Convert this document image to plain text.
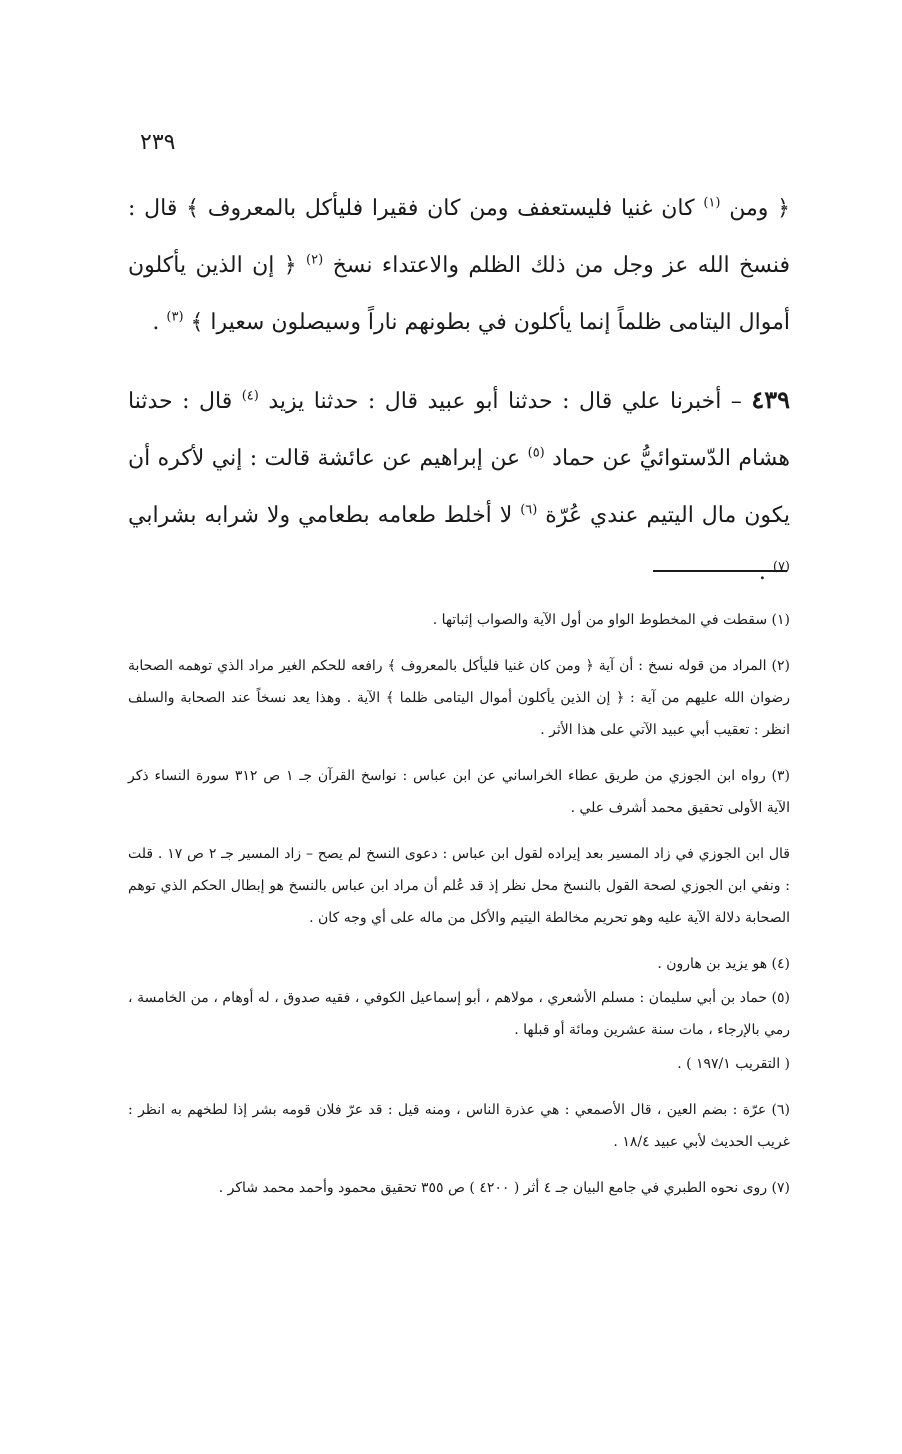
٢٣٩

﴿ ومن $^{(١)}$ كان غنيا فليستعفف ومن كان فقيرا فليأكل بالمعروف ﴾ قال : فنسخ الله عز وجل من ذلك الظلم والاعتداء نسخ $^{(٢)}$ ﴿ إن الذين يأكلون أموال اليتامى ظلماً إنما يأكلون في بطونهم ناراً وسيصلون سعيرا ﴾ $^{(٣)}$ .

٤٣٩ – أخبرنا علي قال : حدثنا أبو عبيد قال : حدثنا يزيد $^{(٤)}$ قال : حدثنا هشام الدّستوائيُّ عن حماد $^{(٥)}$ عن إبراهيم عن عائشة قالت : إني لأكره أن يكون مال اليتيم عندي عُرّة $^{(٦)}$ لا أخلط طعامه بطعامي ولا شرابه بشرابي $^{(٧)}$ .

(١) سقطت في المخطوط الواو من أول الآية والصواب إثباتها .

(٢) المراد من قوله نسخ : أن آية ﴿ ومن كان غنيا فليأكل بالمعروف ﴾ رافعه للحكم الغير مراد الذي توهمه الصحابة رضوان الله عليهم من آية : ﴿ إن الذين يأكلون أموال اليتامى ظلما ﴾ الآية . وهذا يعد نسخاً عند الصحابة والسلف انظر : تعقيب أبي عبيد الآتي على هذا الأثر .

(٣) رواه ابن الجوزي من طريق عطاء الخراساني عن ابن عباس : نواسخ القرآن جـ ١ ص ٣١٢ سورة النساء ذكر الآية الأولى تحقيق محمد أشرف علي .

قال ابن الجوزي في زاد المسير بعد إيراده لقول ابن عباس : دعوى النسخ لم يصح – زاد المسير جـ ٢ ص ١٧ . قلت : ونفي ابن الجوزي لصحة القول بالنسخ محل نظر إذ قد عُلم أن مراد ابن عباس بالنسخ هو إبطال الحكم الذي توهم الصحابة دلالة الآية عليه وهو تحريم مخالطة اليتيم والأكل من ماله على أي وجه كان .

(٤) هو يزيد بن هارون .

(٥) حماد بن أبي سليمان : مسلم الأشعري ، مولاهم ، أبو إسماعيل الكوفي ، فقيه صدوق ، له أوهام ، من الخامسة ، رمي بالإرجاء ، مات سنة عشرين ومائة أو قبلها .

( التقريب ١٩٧/١ ) .

(٦) عرّة : بضم العين ، قال الأصمعي : هي عذرة الناس ، ومنه قيل : قد عرّ فلان قومه بشر إذا لطخهم به انظر : غريب الحديث لأبي عبيد ١٨/٤ .

(٧) روى نحوه الطبري في جامع البيان جـ ٤ أثر ( ٤٢٠٠ ) ص ٣٥٥ تحقيق محمود وأحمد محمد شاكر .
